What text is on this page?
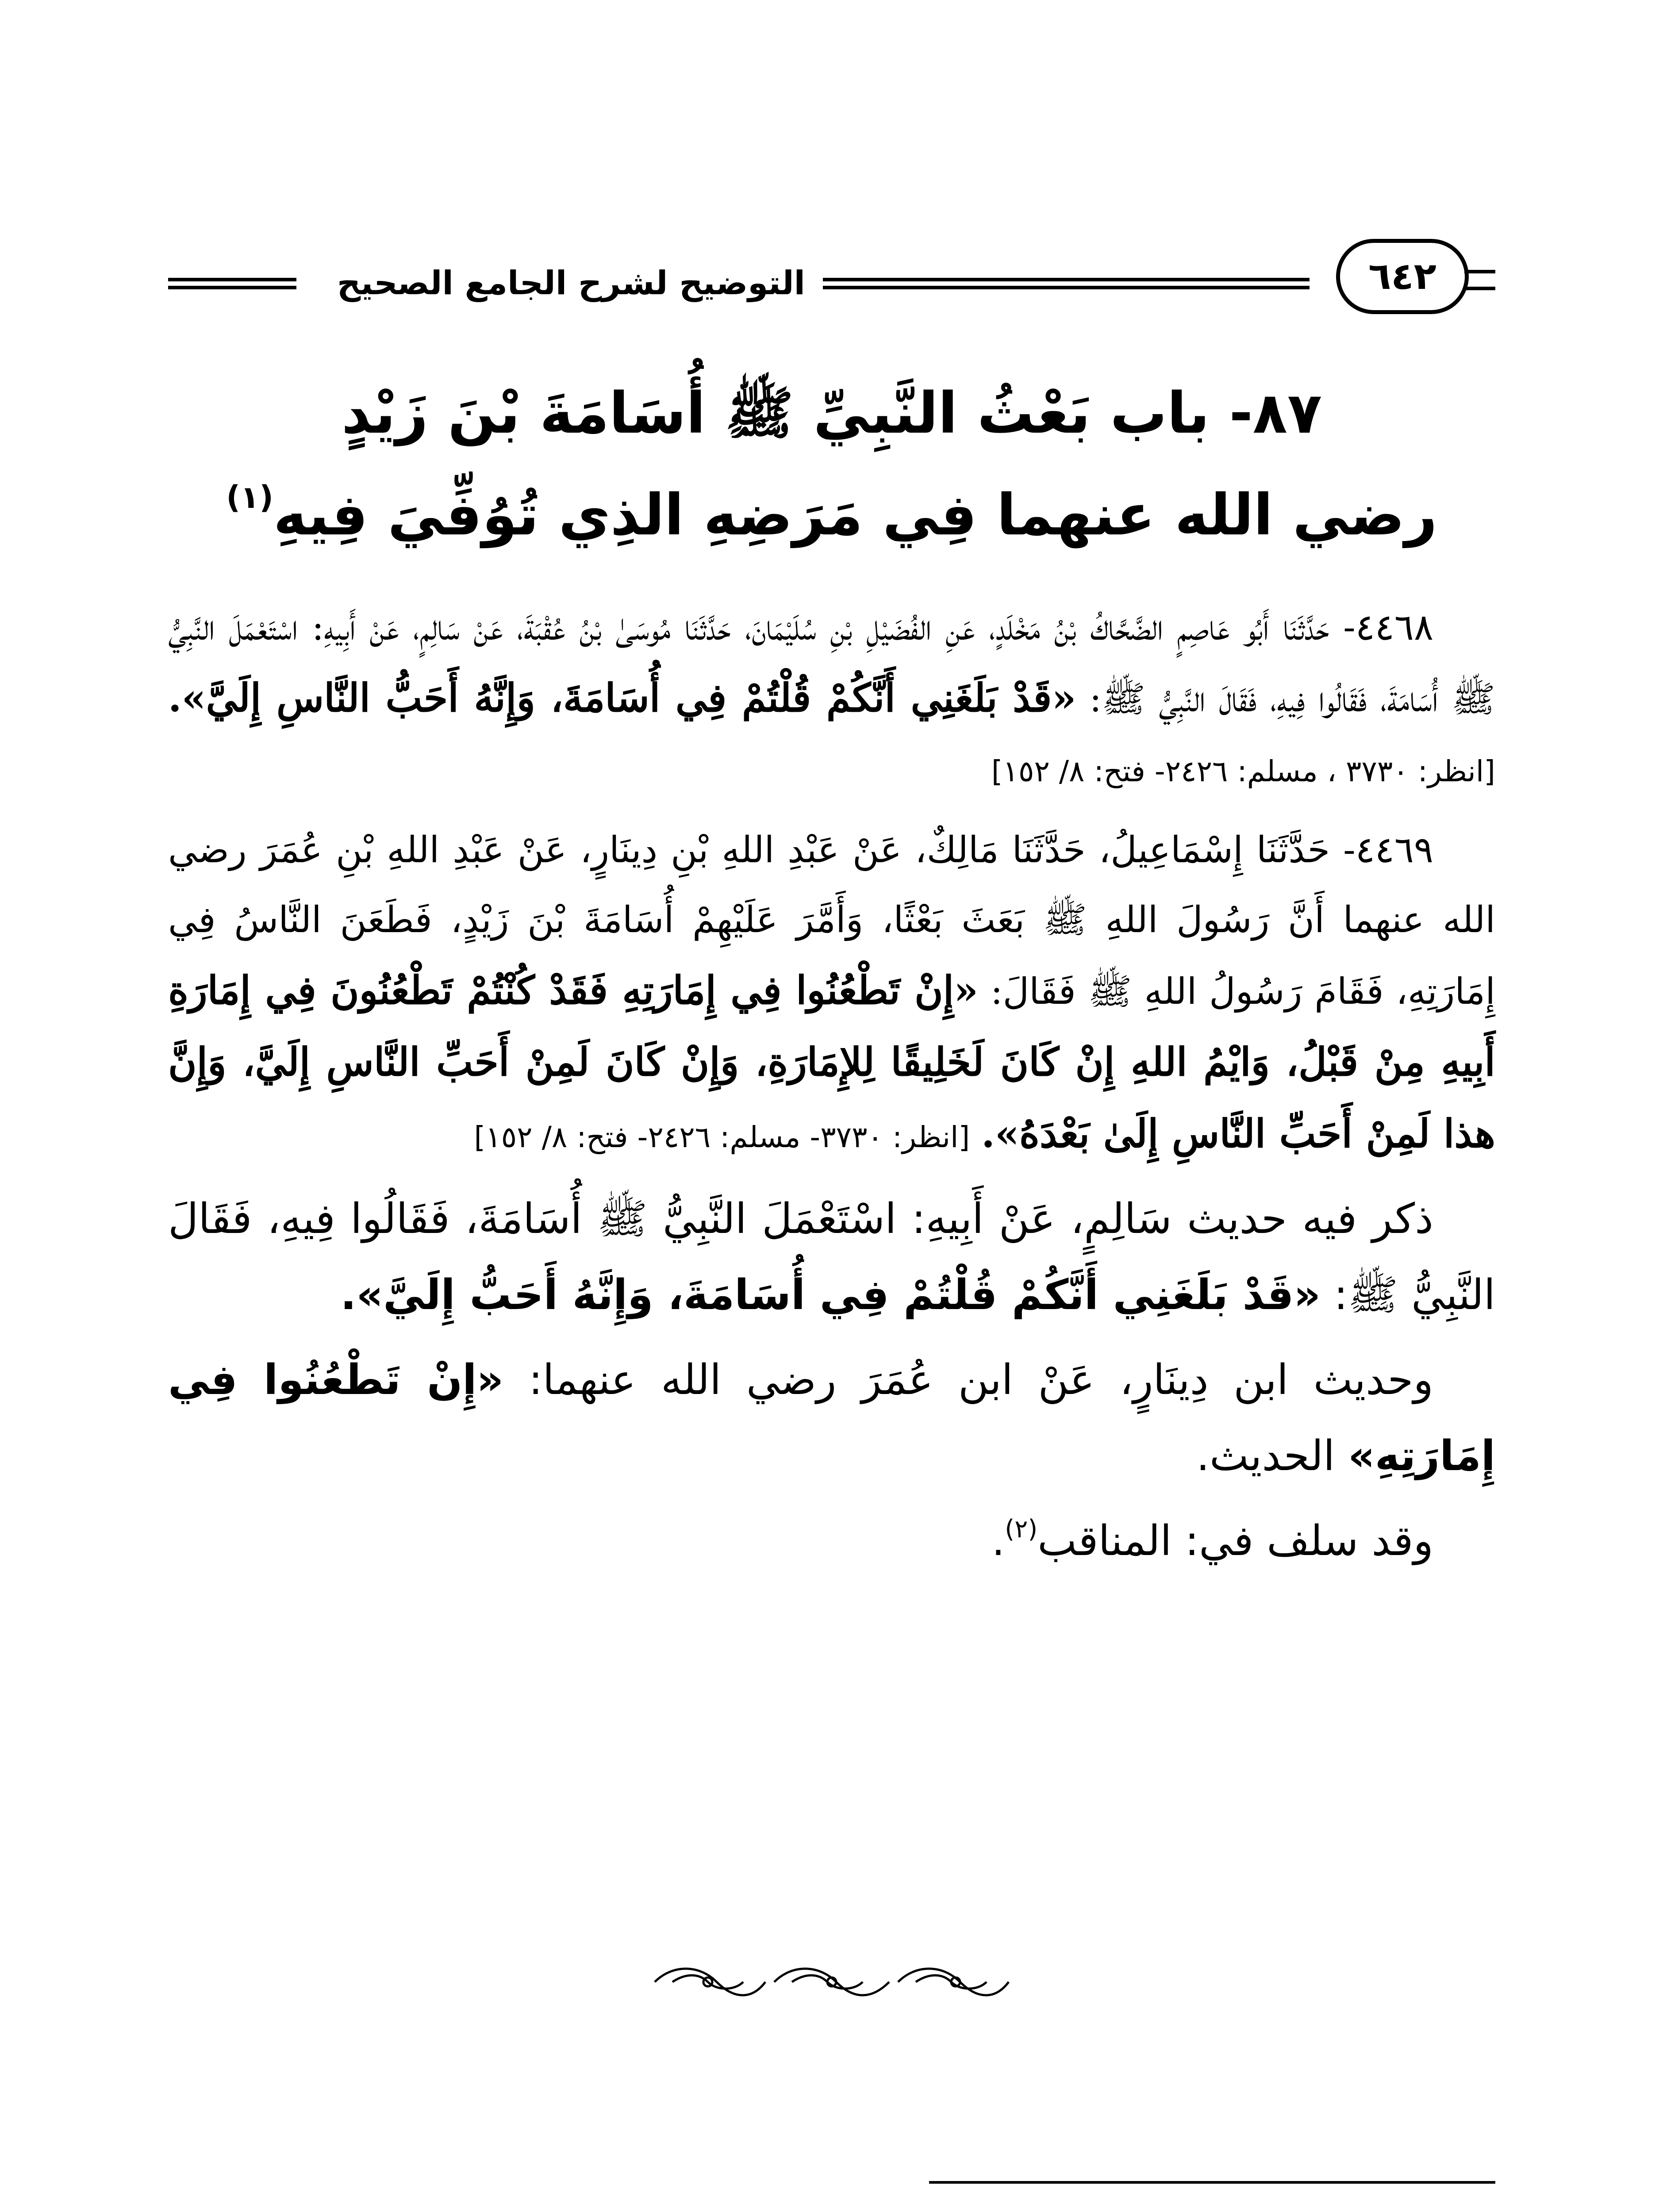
٦٤٢
التوضيح لشرح الجامع الصحيح
٨٧- باب بَعْثُ النَّبِيِّ ﷺ أُسَامَةَ بْنَ زَيْدٍ
رضي الله عنهما فِي مَرَضِهِ الذِي تُوُفِّيَ فِيهِ$^{(١)}$

٤٤٦٨- حَدَّثَنَا أَبُو عَاصِمٍ الضَّحَّاكُ بْنُ مَخْلَدٍ، عَنِ الفُضَيْلِ بْنِ سُلَيْمَانَ، حَدَّثَنَا مُوسَىٰ بْنُ عُقْبَةَ، عَنْ سَالِمٍ، عَنْ أَبِيهِ: اسْتَعْمَلَ النَّبِيُّ ﷺ أُسَامَةَ، فَقَالُوا فِيهِ، فَقَالَ النَّبِيُّ ﷺ: «قَدْ بَلَغَنِي أَنَّكُمْ قُلْتُمْ فِي أُسَامَةَ، وَإِنَّهُ أَحَبُّ النَّاسِ إِلَيَّ». [انظر: ٣٧٣٠ ، مسلم: ٢٤٢٦- فتح: ٨/ ١٥٢]

٤٤٦٩- حَدَّثَنَا إِسْمَاعِيلُ، حَدَّثَنَا مَالِكٌ، عَنْ عَبْدِ اللهِ بْنِ دِينَارٍ، عَنْ عَبْدِ اللهِ بْنِ عُمَرَ رضي الله عنهما أَنَّ رَسُولَ اللهِ ﷺ بَعَثَ بَعْثًا، وَأَمَّرَ عَلَيْهِمْ أُسَامَةَ بْنَ زَيْدٍ، فَطَعَنَ النَّاسُ فِي إِمَارَتِهِ، فَقَامَ رَسُولُ اللهِ ﷺ فَقَالَ: «إِنْ تَطْعُنُوا فِي إِمَارَتِهِ فَقَدْ كُنْتُمْ تَطْعُنُونَ فِي إِمَارَةِ أَبِيهِ مِنْ قَبْلُ، وَايْمُ اللهِ إِنْ كَانَ لَخَلِيقًا لِلإِمَارَةِ، وَإِنْ كَانَ لَمِنْ أَحَبِّ النَّاسِ إِلَيَّ، وَإِنَّ هذا لَمِنْ أَحَبِّ النَّاسِ إِلَىٰ بَعْدَهُ». [انظر: ٣٧٣٠- مسلم: ٢٤٢٦- فتح: ٨/ ١٥٢]

ذكر فيه حديث سَالِمٍ، عَنْ أَبِيهِ: اسْتَعْمَلَ النَّبِيُّ ﷺ أُسَامَةَ، فَقَالُوا فِيهِ، فَقَالَ النَّبِيُّ ﷺ: «قَدْ بَلَغَنِي أَنَّكُمْ قُلْتُمْ فِي أُسَامَةَ، وَإِنَّهُ أَحَبُّ إِلَيَّ».

وحديث ابن دِينَارٍ، عَنْ ابن عُمَرَ رضي الله عنهما: «إِنْ تَطْعُنُوا فِي إِمَارَتِهِ» الحديث.

وقد سلف في: المناقب$^{(٢)}$.
